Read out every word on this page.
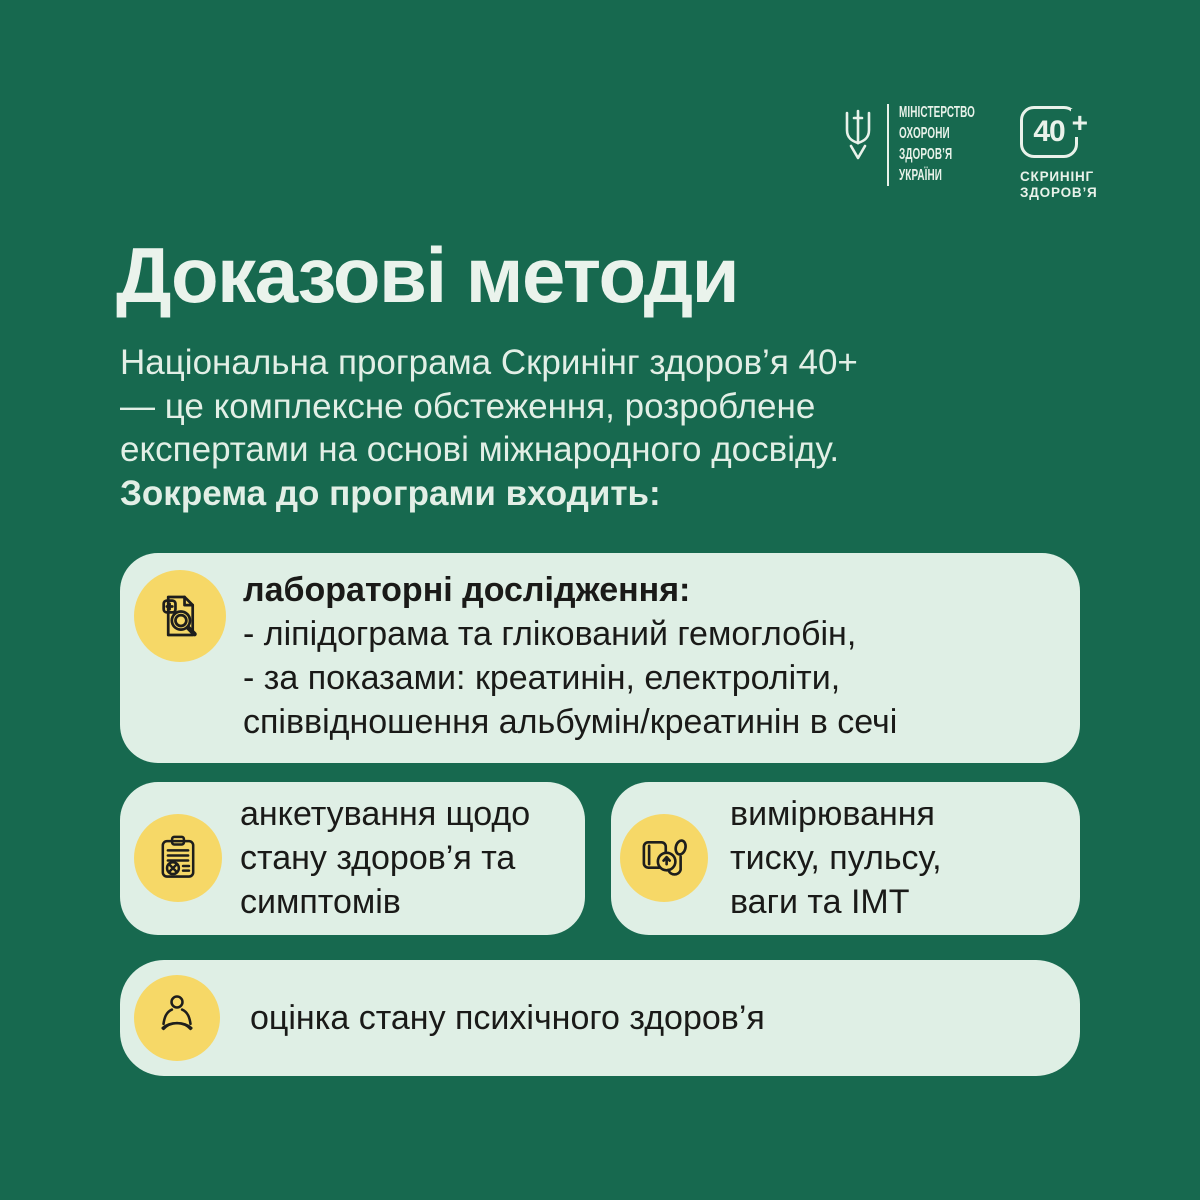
МІНІСТЕРСТВО
ОХОРОНИ
ЗДОРОВ’Я
УКРАЇНИ
40 +
СКРИНІНГ
ЗДОРОВ’Я
Доказові методи
Національна програма Скринінг здоров’я 40+
— це комплексне обстеження, розроблене
експертами на основі міжнародного досвіду.
Зокрема до програми входить:
лабораторні дослідження:
- ліпідограма та глікований гемоглобін,
- за показами: креатинін, електроліти,
співвідношення альбумін/креатинін в сечі
анкетування щодо
стану здоров’я та
симптомів
вимірювання
тиску, пульсу,
ваги та ІМТ
оцінка стану психічного здоров’я
